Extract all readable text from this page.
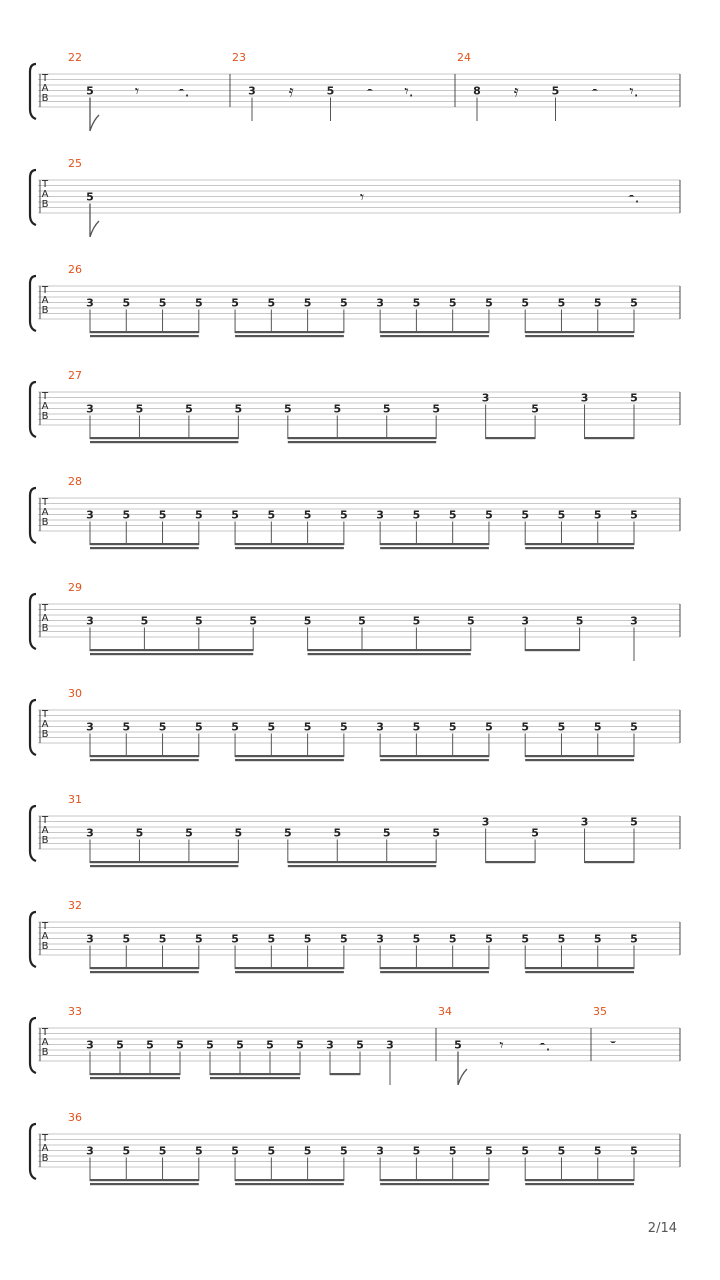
T
A
B
22
5	𝄾 𝄼.
23
3 𝄿	5 𝄼 𝄾.
24
8 𝄿	5 𝄼 𝄾.
T
A
B
25
5	𝄾	𝄼.
T
A
B
26
3	5	5	5	5	5	5	5	3	5	5	5	5	5	5	5
T
A
B
27
3	5	5	5	5	5	5	5
3
5
3	5
T
A
B
28
3	5	5	5	5	5	5	5	3	5	5	5	5	5	5	5
T
A
B
29
3	5	5	5	5	5	5	5	3	5	3
T
A
B
30
3	5	5	5	5	5	5	5	3	5	5	5	5	5	5	5
T
A
B
31
3	5	5	5	5	5	5	5
3
5
3	5
T
A
B
32
3	5	5	5	5	5	5	5	3	5	5	5	5	5	5	5
T
A
B
33
3 5 5 5 5 5 5 5 3 5 3
34
5 𝄾 𝄼.
35
𝄻
T
A
B
36
3	5	5	5	5	5	5	5	3	5	5	5	5	5	5	5
2/14
